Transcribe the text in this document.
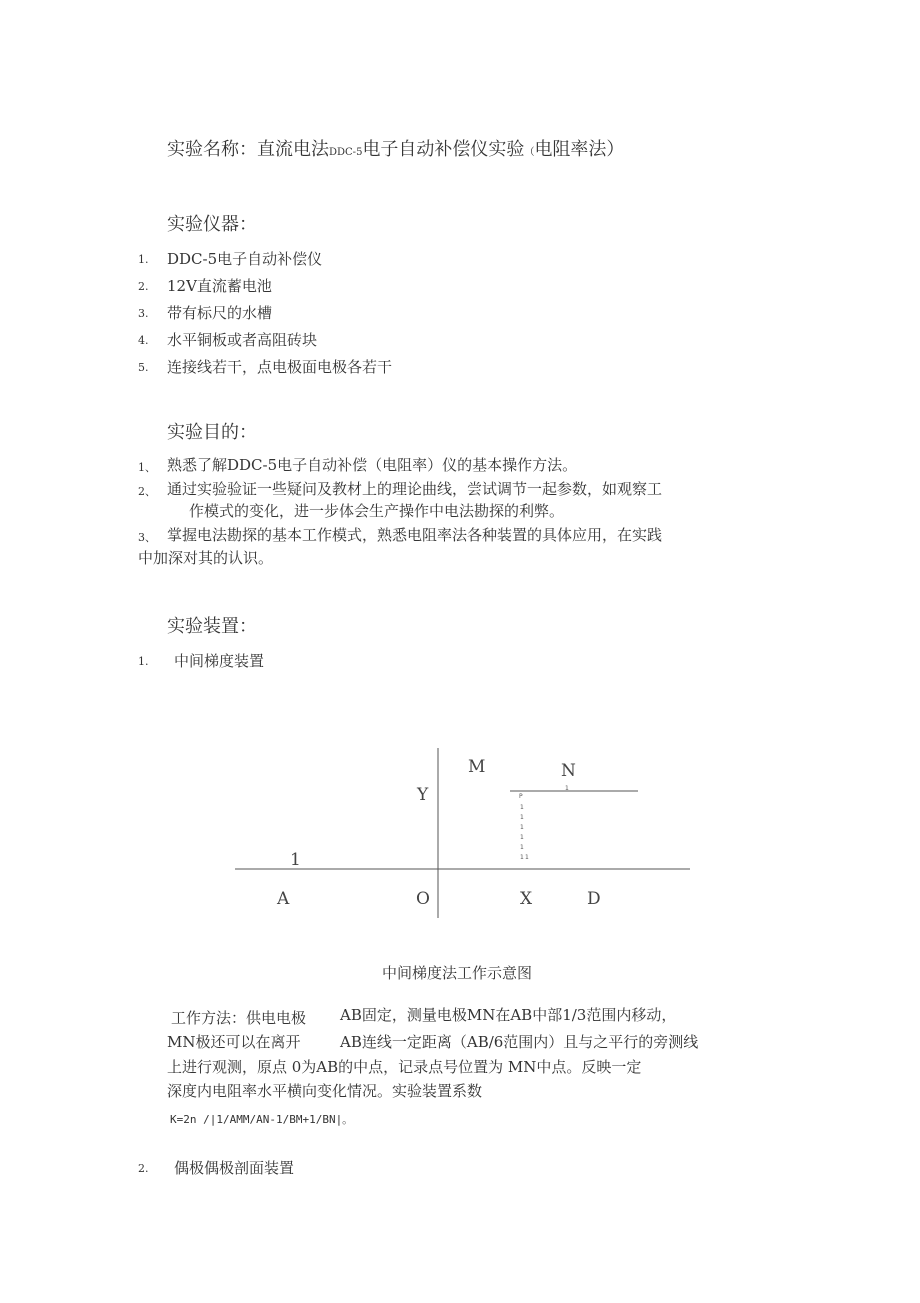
实验名称：直流电法DDC-5电子自动补偿仪实验（电阻率法）
实验仪器：
1. DDC-5电子自动补偿仪
2. 12V直流蓄电池
3. 带有标尺的水槽
4. 水平铜板或者高阻砖块
5. 连接线若干，点电极面电极各若干
实验目的：
1、 熟悉了解DDC-5电子自动补偿（电阻率）仪的基本操作方法。
2、 通过实验验证一些疑问及教材上的理论曲线，尝试调节一起参数，如观察工
作模式的变化，进一步体会生产操作中电法勘探的利弊。
3、 掌握电法勘探的基本工作模式，熟悉电阻率法各种装置的具体应用，在实践
中加深对其的认识。
实验装置：
1. 中间梯度装置
P
1
1
1
1
1
1 1
1
Y
M	N
1
A	O	X	D
中间梯度法工作示意图
工作方法：供电电极 AB固定，测量电极MN在AB中部1/3范围内移动，
MN极还可以在离开	AB连线一定距离（AB/6范围内）且与之平行的旁测线
上进行观测，原点 0为AB的中点，记录点号位置为 MN中点。反映一定
深度内电阻率水平横向变化情况。实验装置系数
K=2n /|1/AMM/AN-1/BM+1/BN|。
2. 偶极偶极剖面装置
